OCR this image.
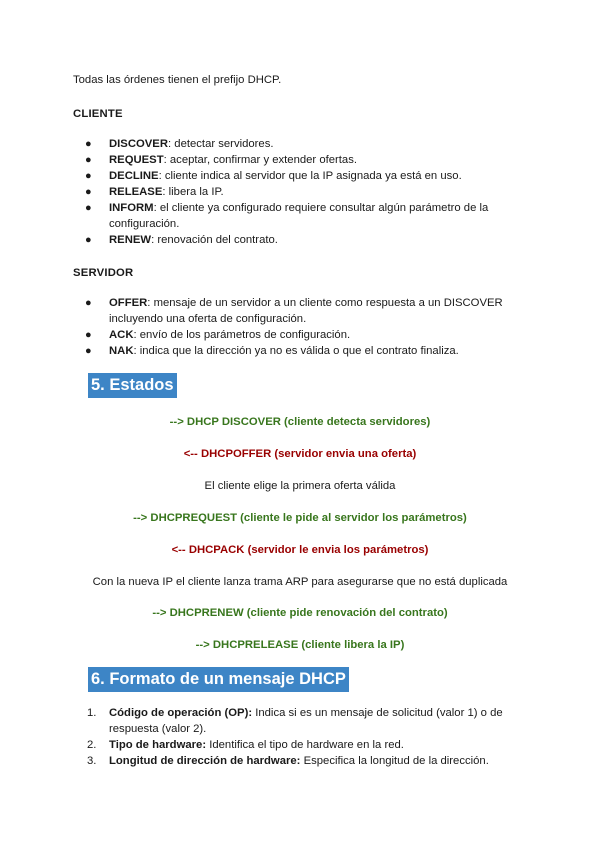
Todas las órdenes tienen el prefijo DHCP.
CLIENTE
● DISCOVER: detectar servidores.
● REQUEST: aceptar, confirmar y extender ofertas.
● DECLINE: cliente indica al servidor que la IP asignada ya está en uso.
● RELEASE: libera la IP.
● INFORM: el cliente ya configurado requiere consultar algún parámetro de la configuración.
● RENEW: renovación del contrato.
SERVIDOR
● OFFER: mensaje de un servidor a un cliente como respuesta a un DISCOVER incluyendo una oferta de configuración.
● ACK: envío de los parámetros de configuración.
● NAK: indica que la dirección ya no es válida o que el contrato finaliza.
5. Estados
--> DHCP DISCOVER (cliente detecta servidores)
<-- DHCPOFFER (servidor envia una oferta)
El cliente elige la primera oferta válida
--> DHCPREQUEST (cliente le pide al servidor los parámetros)
<-- DHCPACK (servidor le envia los parámetros)
Con la nueva IP el cliente lanza trama ARP para asegurarse que no está duplicada
--> DHCPRENEW (cliente pide renovación del contrato)
--> DHCPRELEASE (cliente libera la IP)
6. Formato de un mensaje DHCP
1. Código de operación (OP): Indica si es un mensaje de solicitud (valor 1) o de respuesta (valor 2).
2. Tipo de hardware: Identifica el tipo de hardware en la red.
3. Longitud de dirección de hardware: Especifica la longitud de la dirección.
